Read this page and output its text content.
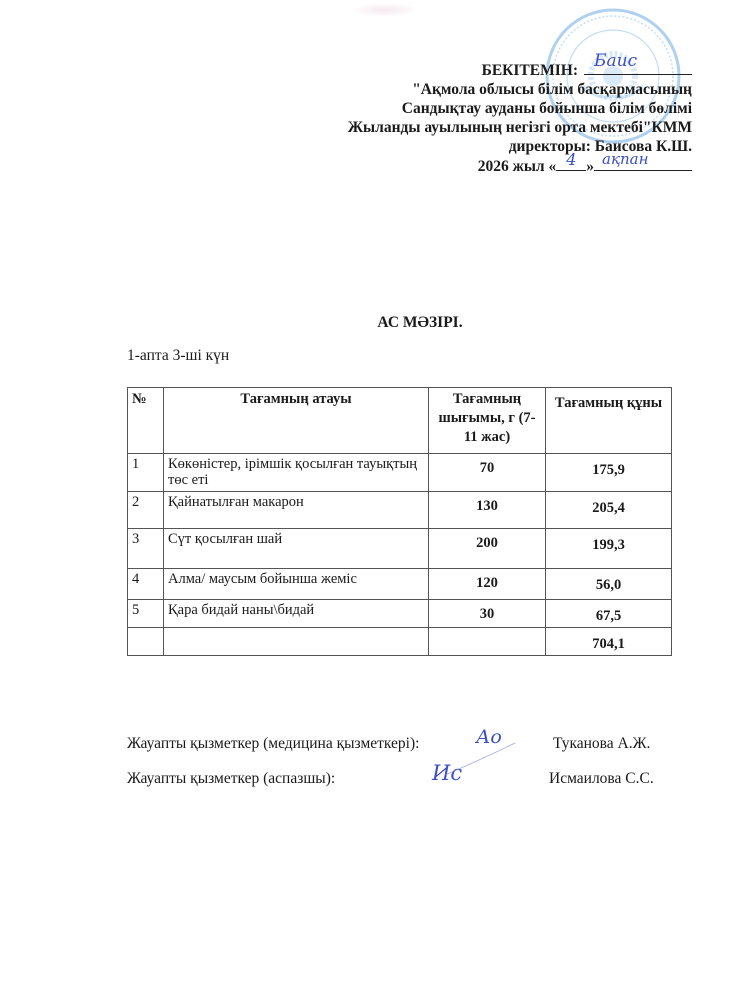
БЕКІТЕМІН: Баис
"Ақмола облысы білім басқармасының
Сандықтау ауданы бойынша білім бөлімі
Жыланды ауылының негізгі орта мектебі"КММ
директоры: Баисова К.Ш.
2026 жыл « 4 » ақпан
АС МӘЗІРІ.
1-апта 3-ші күн
№	Тағамның атауы	Тағамның шығымы, г (7-11 жас)	Тағамның құны
1	Көкөністер, ірімшік қосылған тауықтың төс еті	70	175,9
2	Қайнатылған макарон	130	205,4
3	Сүт қосылған шай	200	199,3
4	Алма/ маусым бойынша жеміс	120	56,0
5	Қара бидай наны\бидай	30	67,5
			704,1
Жауапты қызметкер (медицина қызметкері):	Ао	Туканова А.Ж.
Жауапты қызметкер (аспазшы):	Ис	Исмаилова С.С.
